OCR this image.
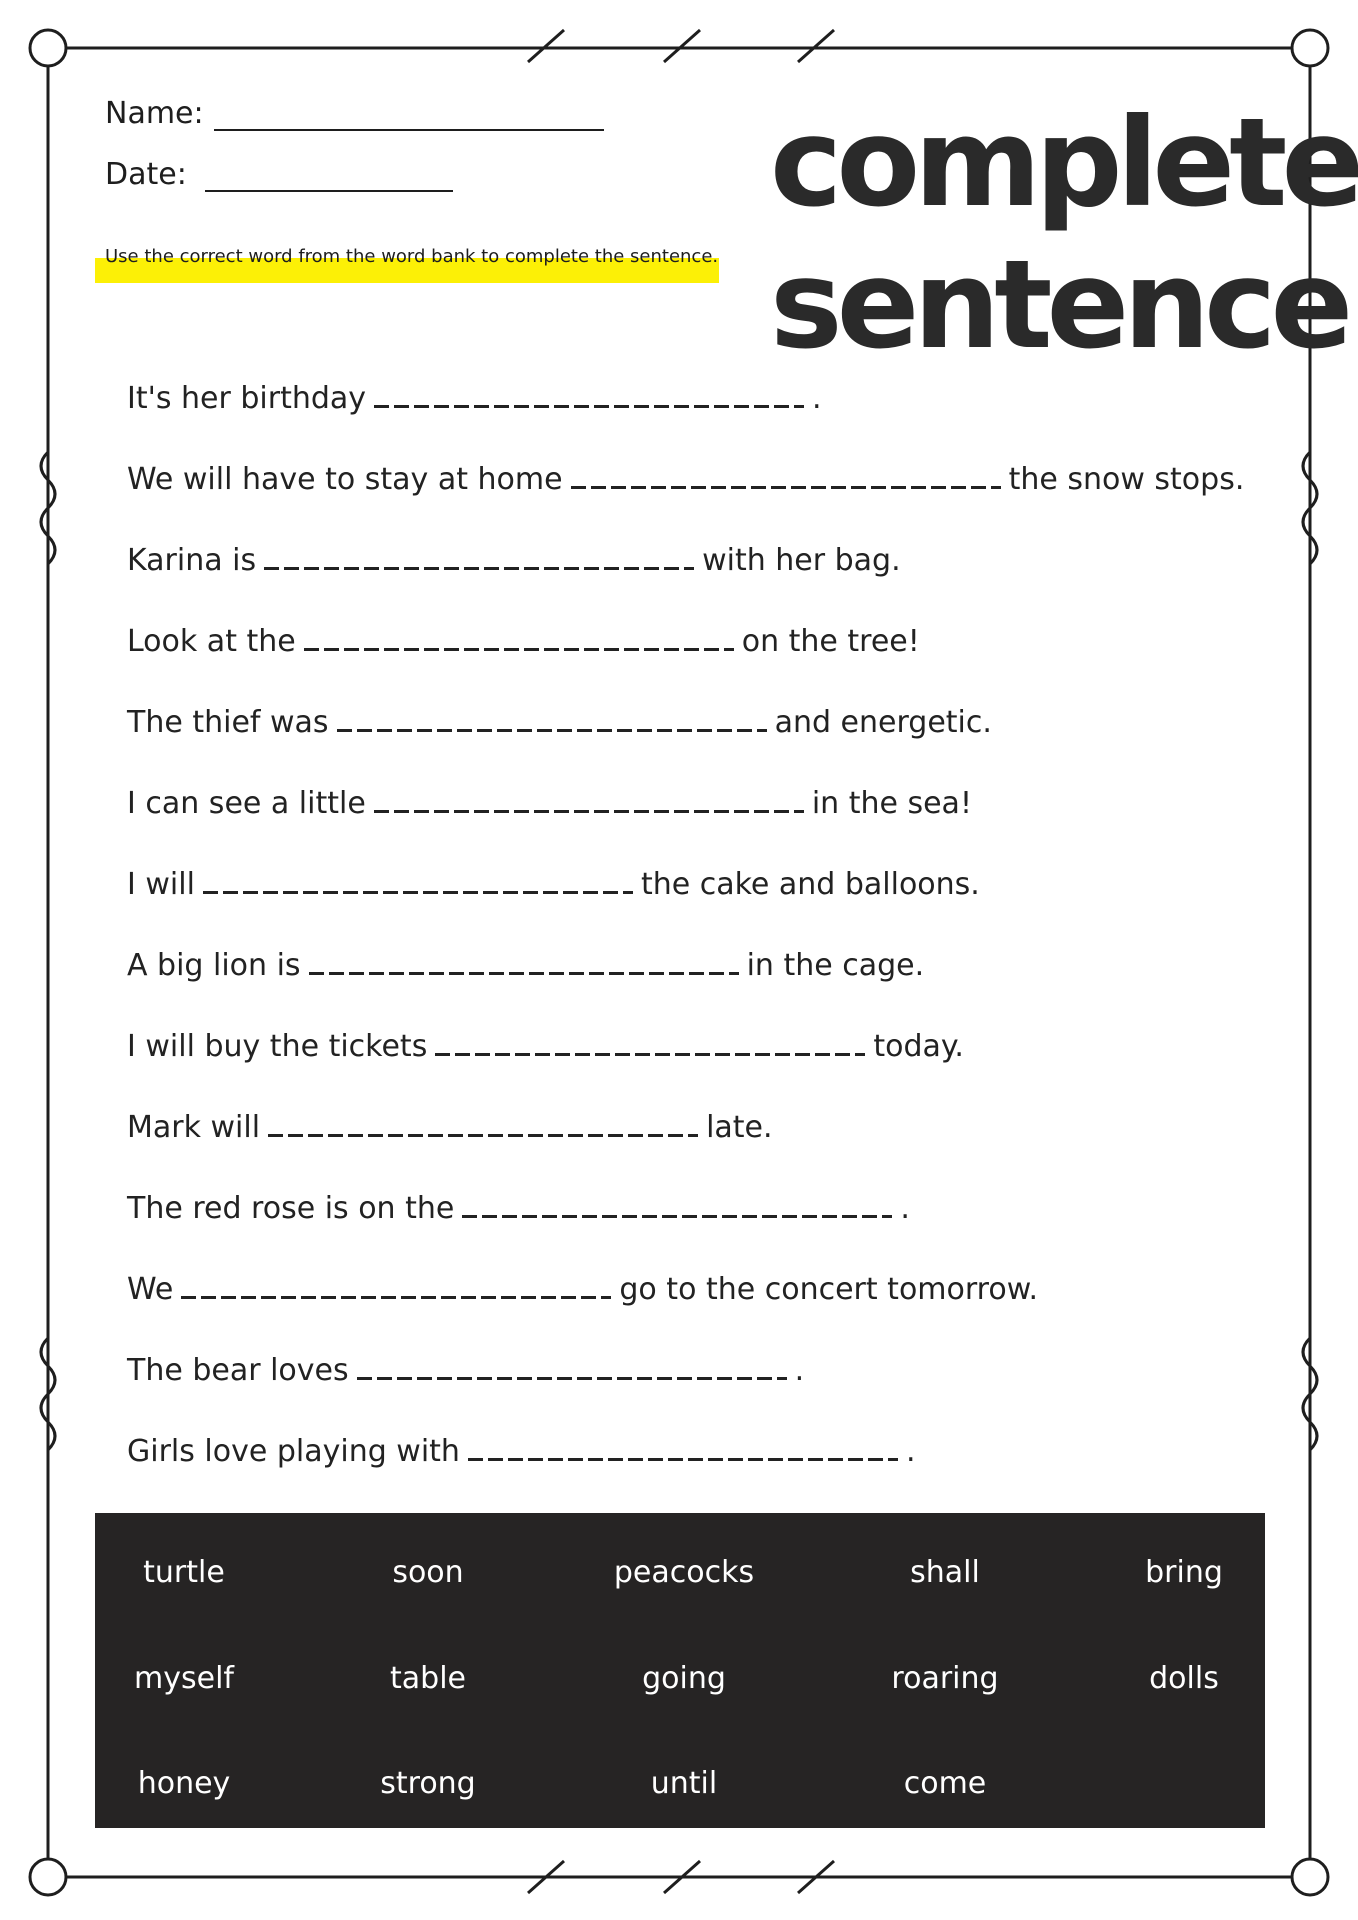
Name:
Date:
Use the correct word from the word bank to complete the sentence.
complete
sentence
It's her birthday	.
We will have to stay at home	the snow stops.
Karina is	with her bag.
Look at the	on the tree!
The thief was	and energetic.
I can see a little	in the sea!
I will	the cake and balloons.
A big lion is	in the cage.
I will buy the tickets	today.
Mark will	late.
The red rose is on the	.
We	go to the concert tomorrow.
The bear loves	.
Girls love playing with	.
turtle	soon	peacocks	shall	bring
myself	table	going	roaring	dolls
honey	strong	until	come
